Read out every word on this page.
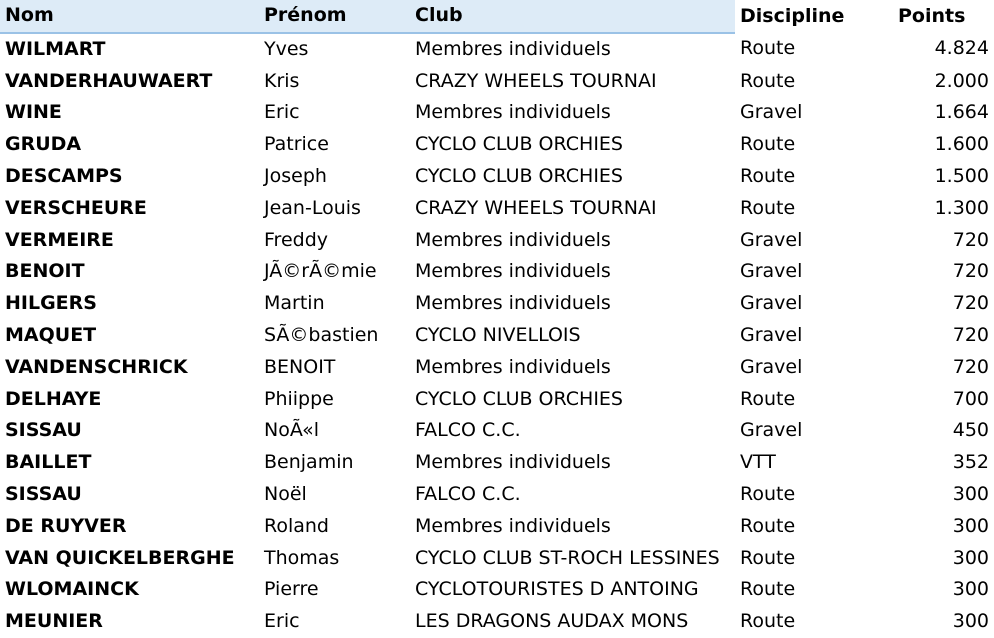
Nom	Prénom	Club	Discipline	Points
WILMART	Yves	Membres individuels	Route	4.824
VANDERHAUWAERT	Kris	CRAZY WHEELS TOURNAI	Route	2.000
WINE	Eric	Membres individuels	Gravel	1.664
GRUDA	Patrice	CYCLO CLUB ORCHIES	Route	1.600
DESCAMPS	Joseph	CYCLO CLUB ORCHIES	Route	1.500
VERSCHEURE	Jean-Louis	CRAZY WHEELS TOURNAI	Route	1.300
VERMEIRE	Freddy	Membres individuels	Gravel	720
BENOIT	JÃ©rÃ©mie	Membres individuels	Gravel	720
HILGERS	Martin	Membres individuels	Gravel	720
MAQUET	SÃ©bastien	CYCLO NIVELLOIS	Gravel	720
VANDENSCHRICK	BENOIT	Membres individuels	Gravel	720
DELHAYE	Phiippe	CYCLO CLUB ORCHIES	Route	700
SISSAU	NoÃ«l	FALCO C.C.	Gravel	450
BAILLET	Benjamin	Membres individuels	VTT	352
SISSAU	Noël	FALCO C.C.	Route	300
DE RUYVER	Roland	Membres individuels	Route	300
VAN QUICKELBERGHE	Thomas	CYCLO CLUB ST-ROCH LESSINES	Route	300
WLOMAINCK	Pierre	CYCLOTOURISTES D ANTOING	Route	300
MEUNIER	Eric	LES DRAGONS AUDAX MONS	Route	300
